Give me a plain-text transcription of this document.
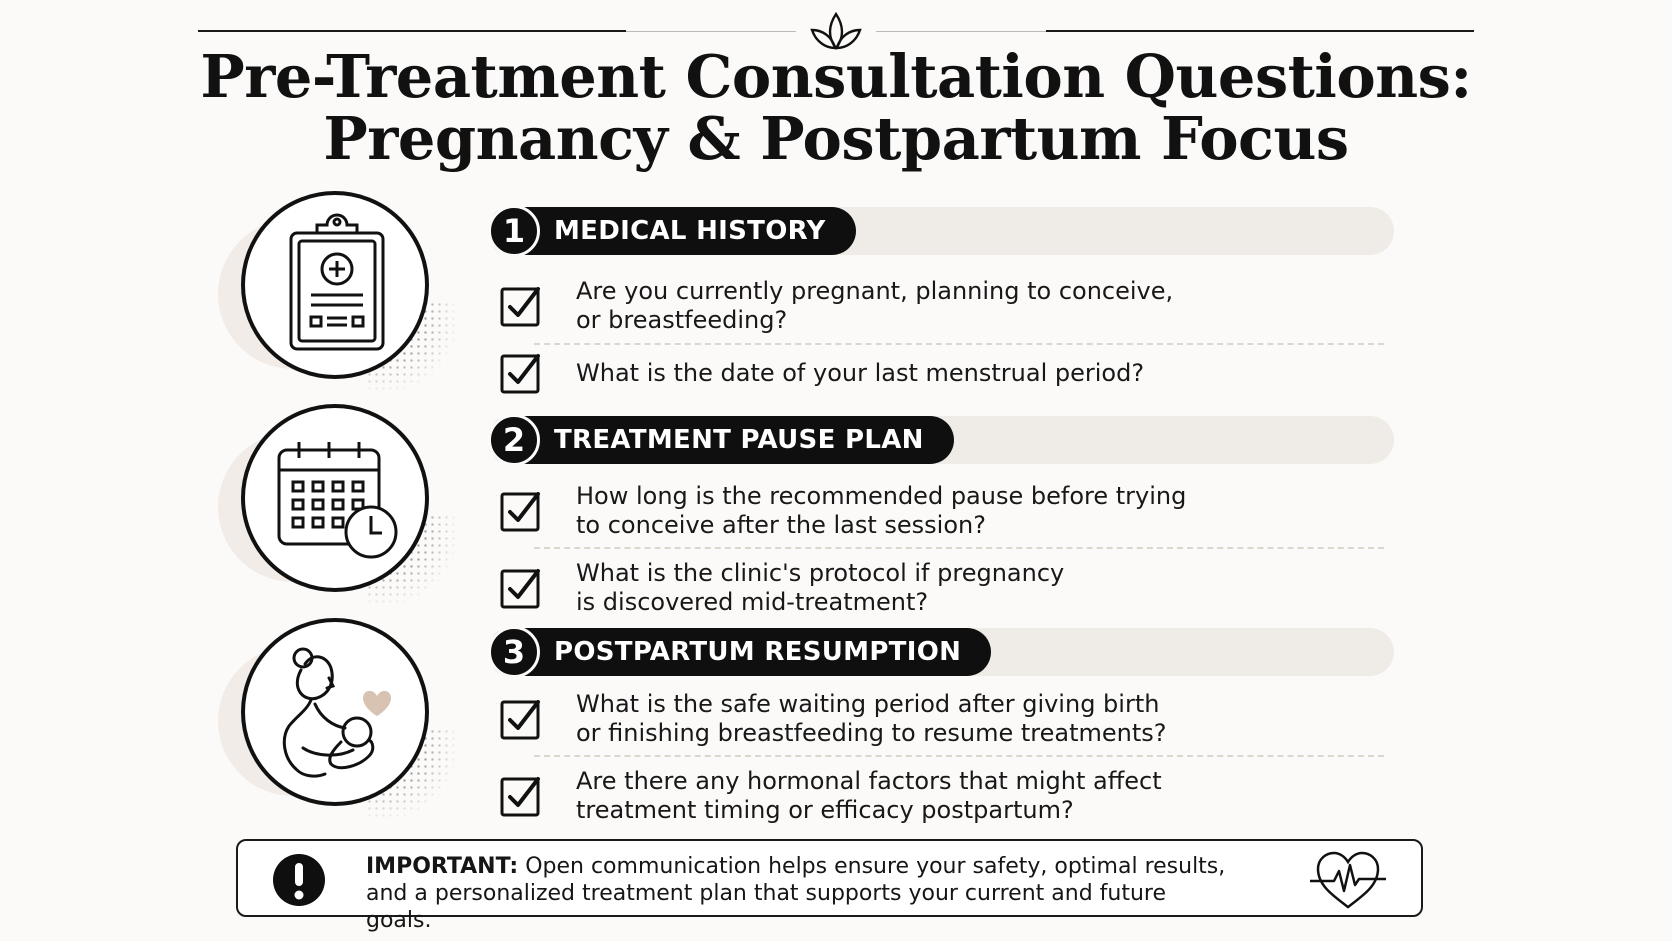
Pre-Treatment Consultation Questions:
Pregnancy & Postpartum Focus
1	MEDICAL HISTORY
Are you currently pregnant, planning to conceive,
or breastfeeding?
What is the date of your last menstrual period?
2	TREATMENT PAUSE PLAN
How long is the recommended pause before trying
to conceive after the last session?
What is the clinic's protocol if pregnancy
is discovered mid-treatment?
3	POSTPARTUM RESUMPTION
What is the safe waiting period after giving birth
or finishing breastfeeding to resume treatments?
Are there any hormonal factors that might affect
treatment timing or efficacy postpartum?
IMPORTANT: Open communication helps ensure your safety, optimal results, and a personalized treatment plan that supports your current and future goals.
